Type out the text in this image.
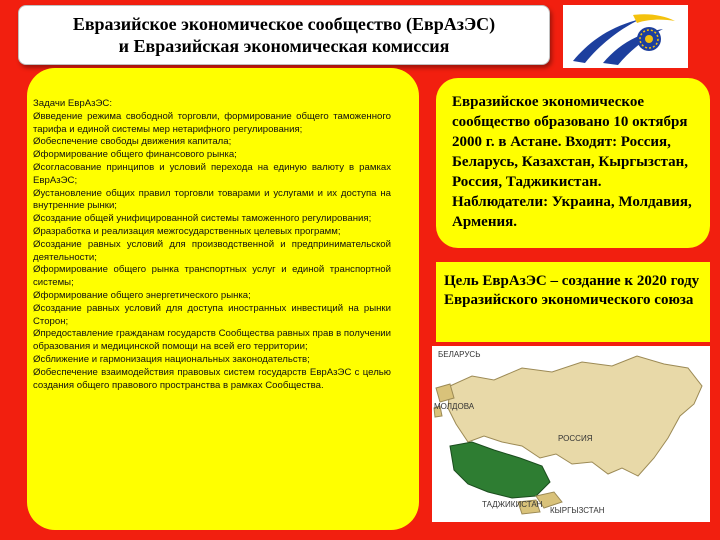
Евразийское экономическое сообщество (ЕврАзЭС)
и Евразийская экономическая комиссия

Задачи ЕврАзЭС:

Øвведение режима свободной торговли, формирование общего таможенного тарифа и единой системы мер нетарифного регулирования;

Øобеспечение свободы движения капитала;

Øформирование общего финансового рынка;

Øсогласование принципов и условий перехода на единую валюту в рамках ЕврАзЭС;

Øустановление общих правил торговли товарами и услугами и их доступа на внутренние рынки;

Øсоздание общей унифицированной системы таможенного регулирования;

Øразработка и реализация межгосударственных целевых программ;

Øсоздание равных условий для производственной и предпринимательской деятельности;

Øформирование общего рынка транспортных услуг и единой транспортной системы;

Øформирование общего энергетического рынка;

Øсоздание равных условий для доступа иностранных инвестиций на рынки Сторон;

Øпредоставление гражданам государств Сообщества равных прав в получении образования и медицинской помощи на всей его территории;

Øсближение и гармонизация национальных законодательств;

Øобеспечение взаимодействия правовых систем государств ЕврАзЭС с целью создания общего правового пространства в рамках Сообщества.

Евразийское экономическое сообщество образовано 10 октября 2000 г. в Астане. Входят: Россия, Беларусь, Казахстан, Кыргызстан, Россия, Таджикистан. Наблюдатели: Украина, Молдавия, Армения.
Цель ЕврАзЭС – создание к 2020 году Евразийского экономического союза
БЕЛАРУСЬ
МОЛДОВА
РОССИЯ
ТАДЖИКИСТАН
КЫРГЫЗСТАН
